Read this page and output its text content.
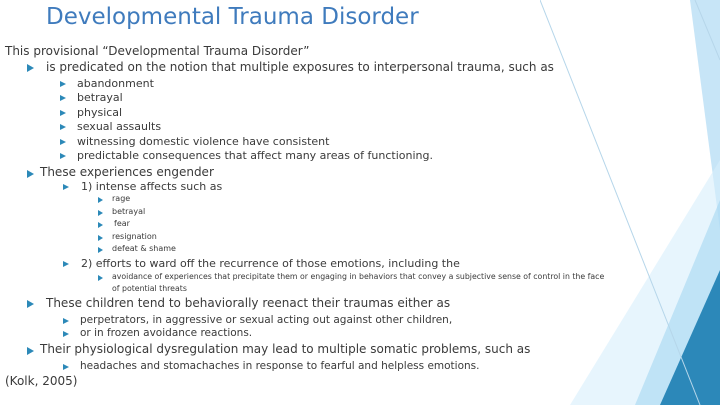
Developmental Trauma Disorder
This provisional “Developmental Trauma Disorder”
is predicated on the notion that multiple exposures to interpersonal trauma, such as
abandonment
betrayal
physical
sexual assaults
witnessing domestic violence have consistent
predictable consequences that affect many areas of functioning.
These experiences engender
1) intense affects such as
rage
betrayal
fear
resignation
defeat & shame
2) efforts to ward off the recurrence of those emotions, including the
avoidance of experiences that precipitate them or engaging in behaviors that convey a subjective sense of control in the face
of potential threats
These children tend to behaviorally reenact their traumas either as
perpetrators, in aggressive or sexual acting out against other children,
or in frozen avoidance reactions.
Their physiological dysregulation may lead to multiple somatic problems, such as
headaches and stomachaches in response to fearful and helpless emotions.
(Kolk, 2005)
